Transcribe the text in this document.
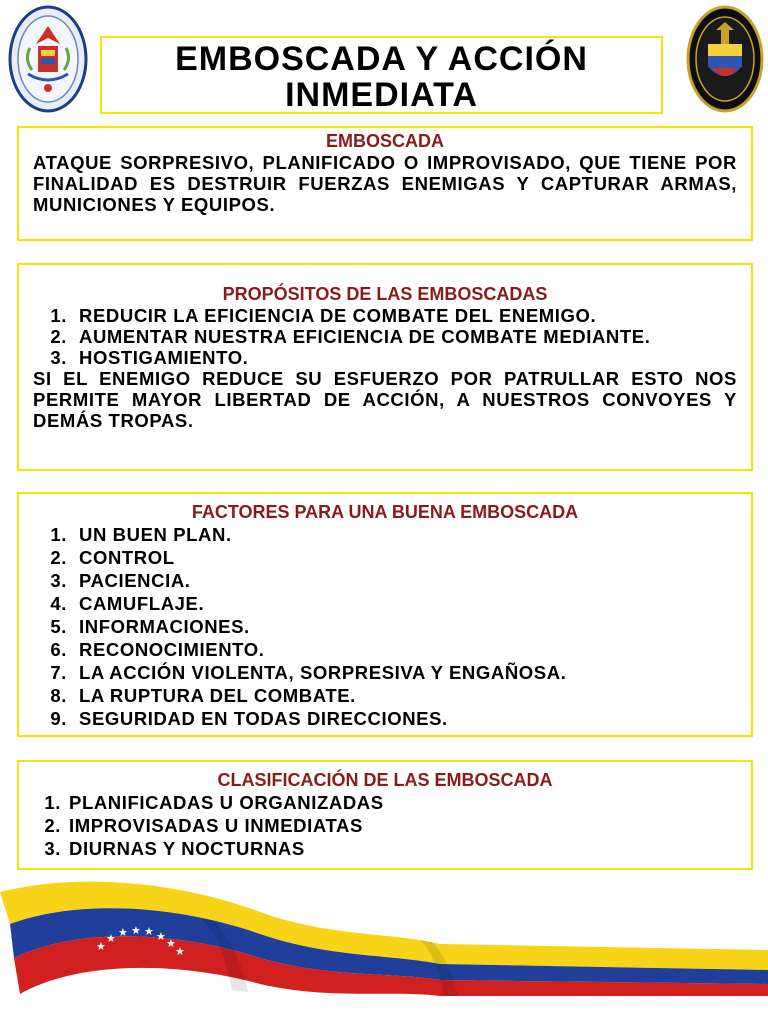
EMBOSCADA Y ACCIÓN INMEDIATA

EMBOSCADA

ATAQUE SORPRESIVO, PLANIFICADO O IMPROVISADO, QUE TIENE POR FINALIDAD ES DESTRUIR FUERZAS ENEMIGAS Y CAPTURAR ARMAS, MUNICIONES Y EQUIPOS.

PROPÓSITOS DE LAS EMBOSCADAS

1. REDUCIR LA EFICIENCIA DE COMBATE DEL ENEMIGO.
2. AUMENTAR NUESTRA EFICIENCIA DE COMBATE MEDIANTE.
3. HOSTIGAMIENTO.

SI EL ENEMIGO REDUCE SU ESFUERZO POR PATRULLAR ESTO NOS PERMITE MAYOR LIBERTAD DE ACCIÓN, A NUESTROS CONVOYES Y DEMÁS TROPAS.

FACTORES PARA UNA BUENA EMBOSCADA

1. UN BUEN PLAN.
2. CONTROL
3. PACIENCIA.
4. CAMUFLAJE.
5. INFORMACIONES.
6. RECONOCIMIENTO.
7. LA ACCIÓN VIOLENTA, SORPRESIVA Y ENGAÑOSA.
8. LA RUPTURA DEL COMBATE.
9. SEGURIDAD EN TODAS DIRECCIONES.

CLASIFICACIÓN DE LAS EMBOSCADA

1. PLANIFICADAS U ORGANIZADAS
2. IMPROVISADAS U INMEDIATAS
3. DIURNAS Y NOCTURNAS
★
★ ★ ★ ★ ★
★
★
